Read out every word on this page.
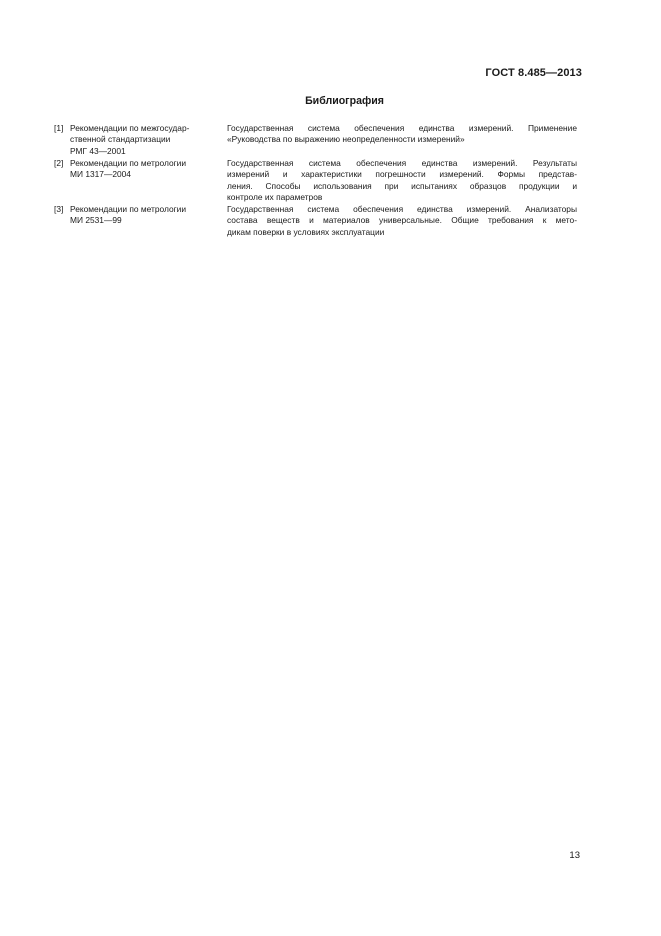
ГОСТ 8.485—2013
Библиография
[1] Рекомендации по межгосудар-
ственной стандартизации
РМГ 43—2001
Государственная система обеспечения единства измерений. Применение
«Руководства по выражению неопределенности измерений»
[2] Рекомендации по метрологии
МИ 1317—2004
Государственная система обеспечения единства измерений. Результаты
измерений и характеристики погрешности измерений. Формы представ-
ления. Способы использования при испытаниях образцов продукции и
контроле их параметров
[3] Рекомендации по метрологии
МИ 2531—99
Государственная система обеспечения единства измерений. Анализаторы
состава веществ и материалов универсальные. Общие требования к мето-
дикам поверки в условиях эксплуатации
13
